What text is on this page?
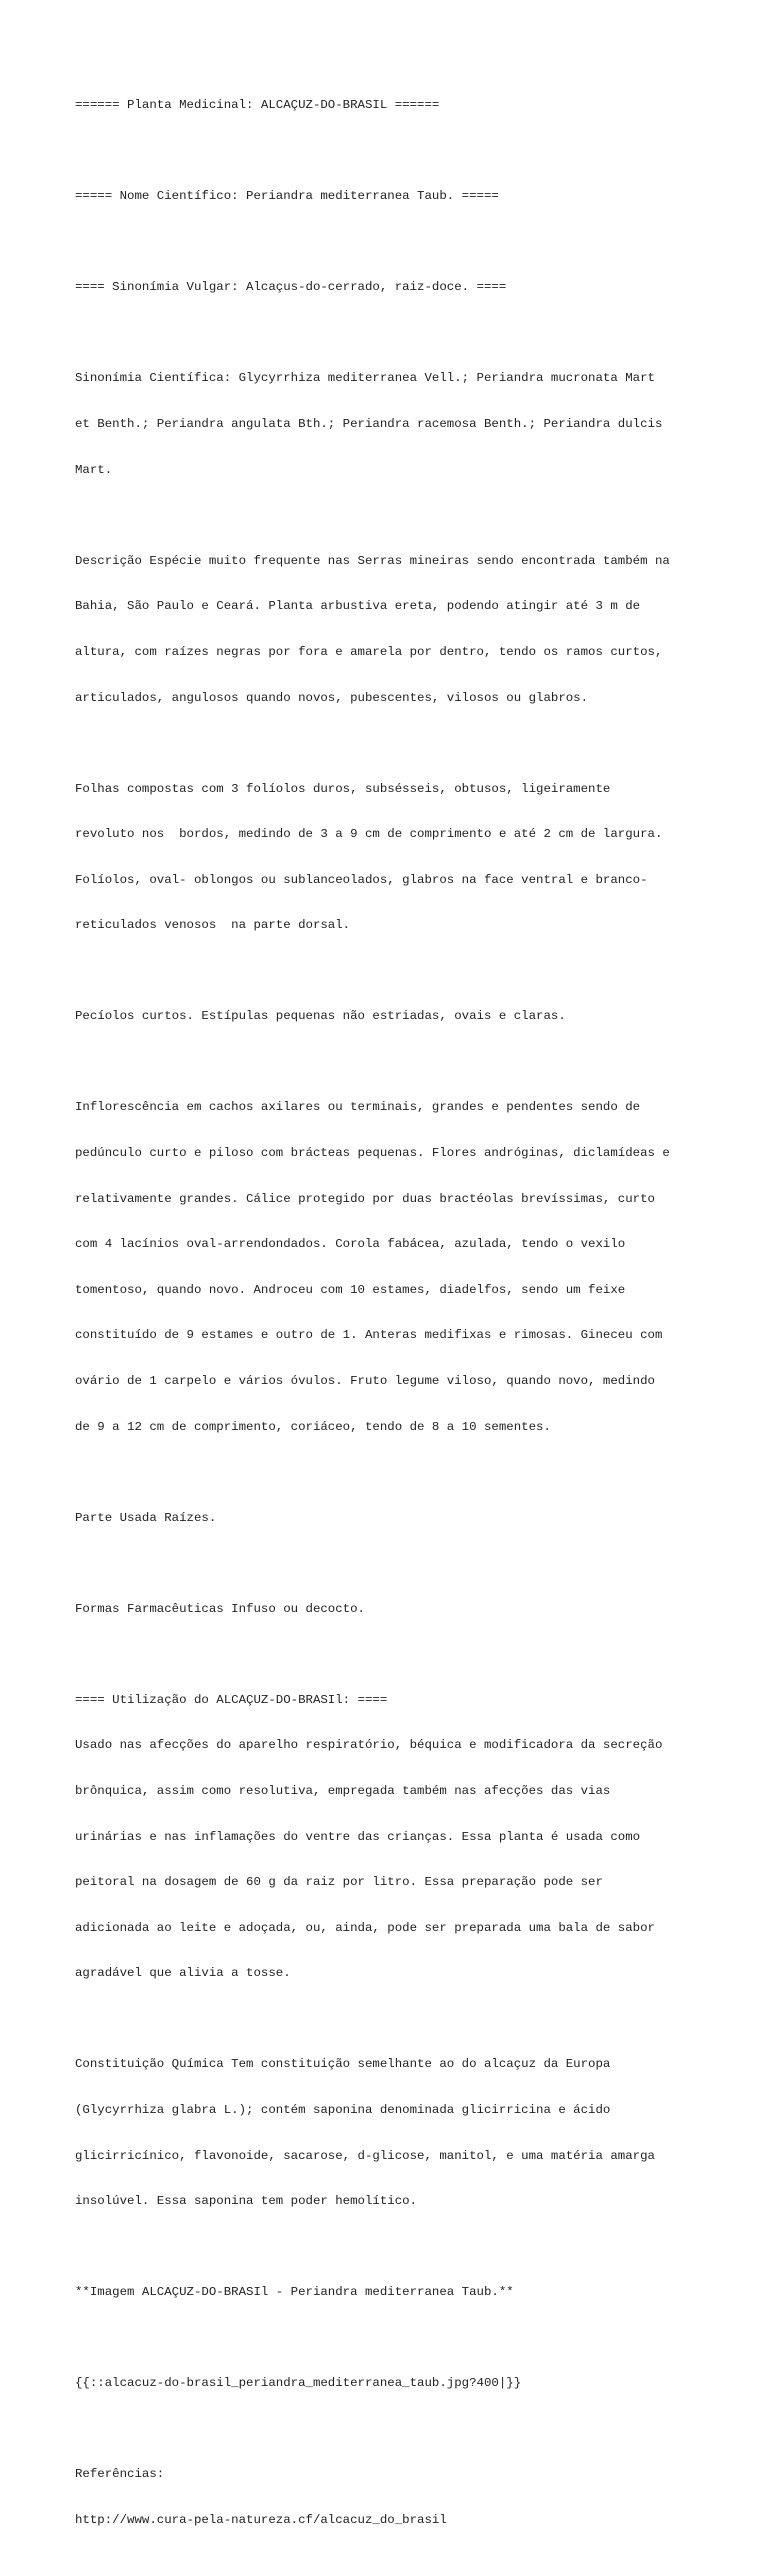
====== Planta Medicinal: ALCAÇUZ-DO-BRASIL ======

===== Nome Científico: Periandra mediterranea Taub. =====

==== Sinonímia Vulgar: Alcaçus-do-cerrado, raiz-doce. ====

Sinonímia Científica: Glycyrrhiza mediterranea Vell.; Periandra mucronata Mart

et Benth.; Periandra angulata Bth.; Periandra racemosa Benth.; Periandra dulcis

Mart.

Descrição Espécie muito frequente nas Serras mineiras sendo encontrada também na

Bahia, São Paulo e Ceará. Planta arbustiva ereta, podendo atingir até 3 m de

altura, com raízes negras por fora e amarela por dentro, tendo os ramos curtos,

articulados, angulosos quando novos, pubescentes, vilosos ou glabros.

Folhas compostas com 3 folíolos duros, subsésseis, obtusos, ligeiramente

revoluto nos  bordos, medindo de 3 a 9 cm de comprimento e até 2 cm de largura.

Folíolos, oval- oblongos ou sublanceolados, glabros na face ventral e branco-

reticulados venosos  na parte dorsal.

Pecíolos curtos. Estípulas pequenas não estriadas, ovais e claras.

Inflorescência em cachos axilares ou terminais, grandes e pendentes sendo de

pedúnculo curto e piloso com brácteas pequenas. Flores andróginas, diclamídeas e

relativamente grandes. Cálice protegido por duas bractéolas brevíssimas, curto

com 4 lacínios oval-arrendondados. Corola fabácea, azulada, tendo o vexilo

tomentoso, quando novo. Androceu com 10 estames, diadelfos, sendo um feixe

constituído de 9 estames e outro de 1. Anteras medifixas e rimosas. Gineceu com

ovário de 1 carpelo e vários óvulos. Fruto legume viloso, quando novo, medindo

de 9 a 12 cm de comprimento, coriáceo, tendo de 8 a 10 sementes.

Parte Usada Raízes.

Formas Farmacêuticas Infuso ou decocto.

==== Utilização do ALCAÇUZ-DO-BRASIl: ====

Usado nas afecções do aparelho respiratório, béquica e modificadora da secreção

brônquica, assim como resolutiva, empregada também nas afecções das vias

urinárias e nas inflamações do ventre das crianças. Essa planta é usada como

peitoral na dosagem de 60 g da raiz por litro. Essa preparação pode ser

adicionada ao leite e adoçada, ou, ainda, pode ser preparada uma bala de sabor

agradável que alivia a tosse.

Constituição Química Tem constituição semelhante ao do alcaçuz da Europa

(Glycyrrhiza glabra L.); contém saponina denominada glicirricina e ácido

glicirricínico, flavonoide, sacarose, d-glicose, manitol, e uma matéria amarga

insolúvel. Essa saponina tem poder hemolítico.

**Imagem ALCAÇUZ-DO-BRASIl - Periandra mediterranea Taub.**

{{::alcacuz-do-brasil_periandra_mediterranea_taub.jpg?400|}}

Referências:

http://www.cura-pela-natureza.cf/alcacuz_do_brasil
